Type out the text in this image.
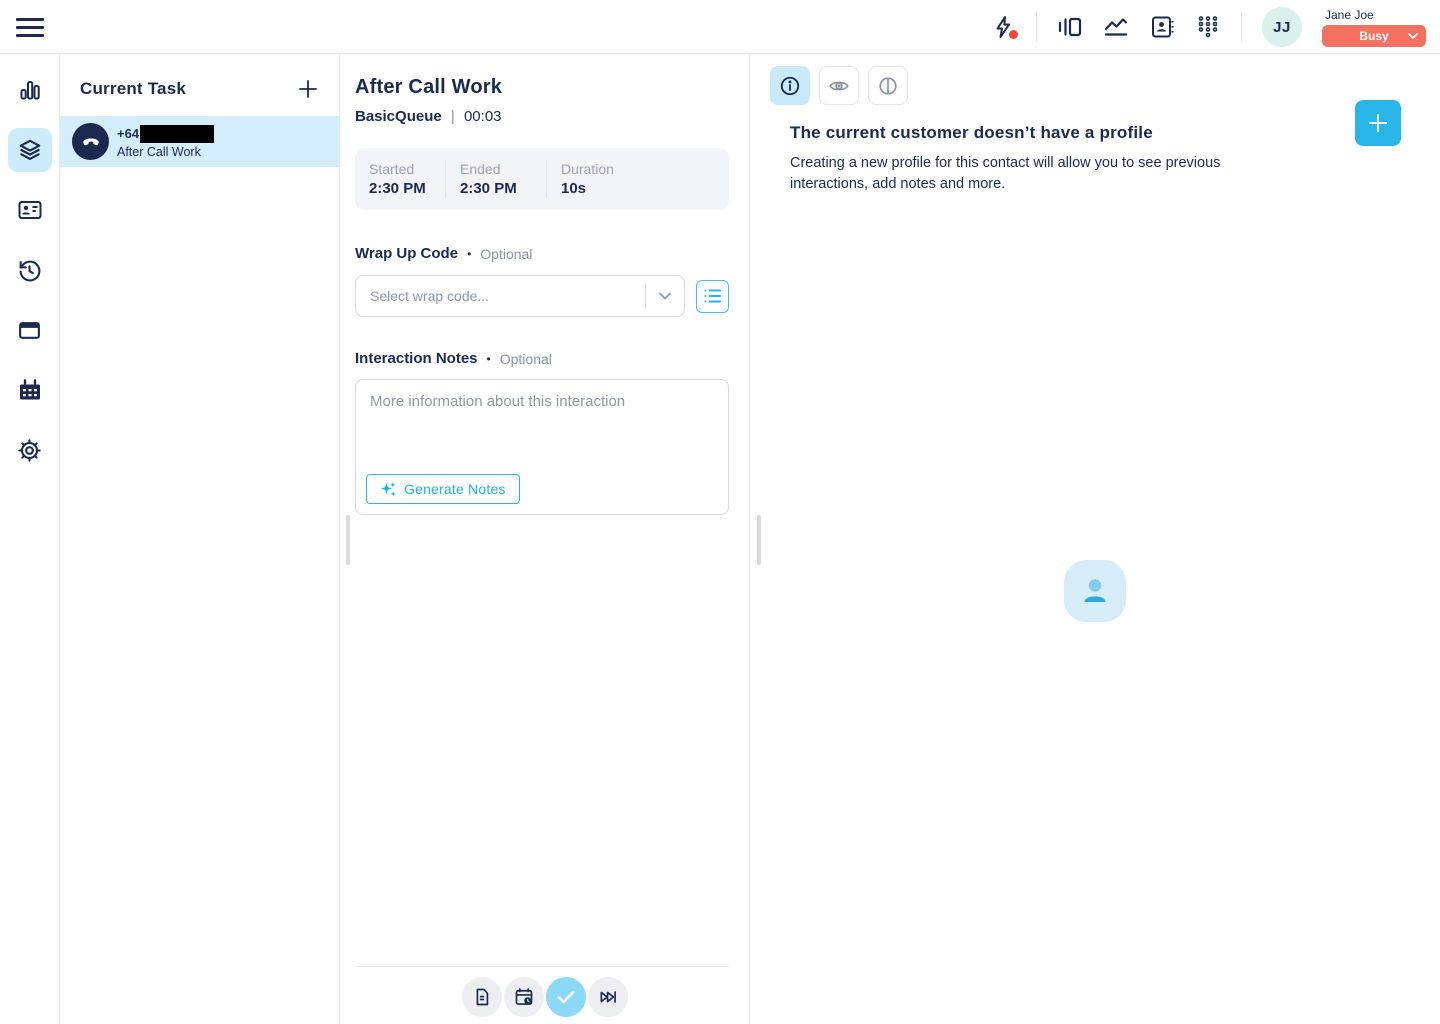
JJ
Jane Joe
Busy
Current Task
+64
After Call Work
After Call Work
BasicQueue | 00:03
Started
2:30 PM
Ended
2:30 PM
Duration
10s
Wrap Up Code • Optional
Select wrap code...
Interaction Notes • Optional
More information about this interaction
Generate Notes
The current customer doesn’t have a profile

Creating a new profile for this contact will allow you to see previous interactions, add notes and more.
